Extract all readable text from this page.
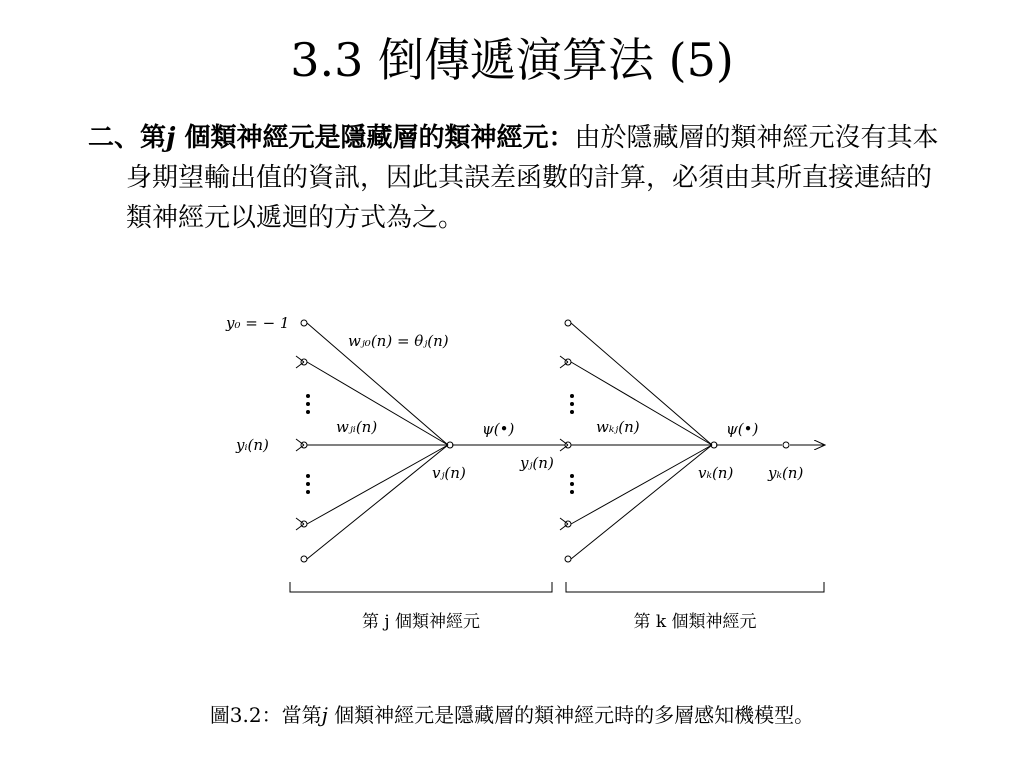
3.3 倒傳遞演算法 (5)

二、第j 個類神經元是隱藏層的類神經元：由於隱藏層的類神經元沒有其本身期望輸出值的資訊，因此其誤差函數的計算，必須由其所直接連結的類神經元以遞迴的方式為之。

y₀ = − 1
wⱼ₀(n) = θⱼ(n)
wⱼᵢ(n)
yᵢ(n)
ψ(•)
vⱼ(n)
yⱼ(n)
wₖⱼ(n)	ψ(•)
vₖ(n) yₖ(n)
第 j 個類神經元	第 k 個類神經元
圖3.2：當第j 個類神經元是隱藏層的類神經元時的多層感知機模型。
